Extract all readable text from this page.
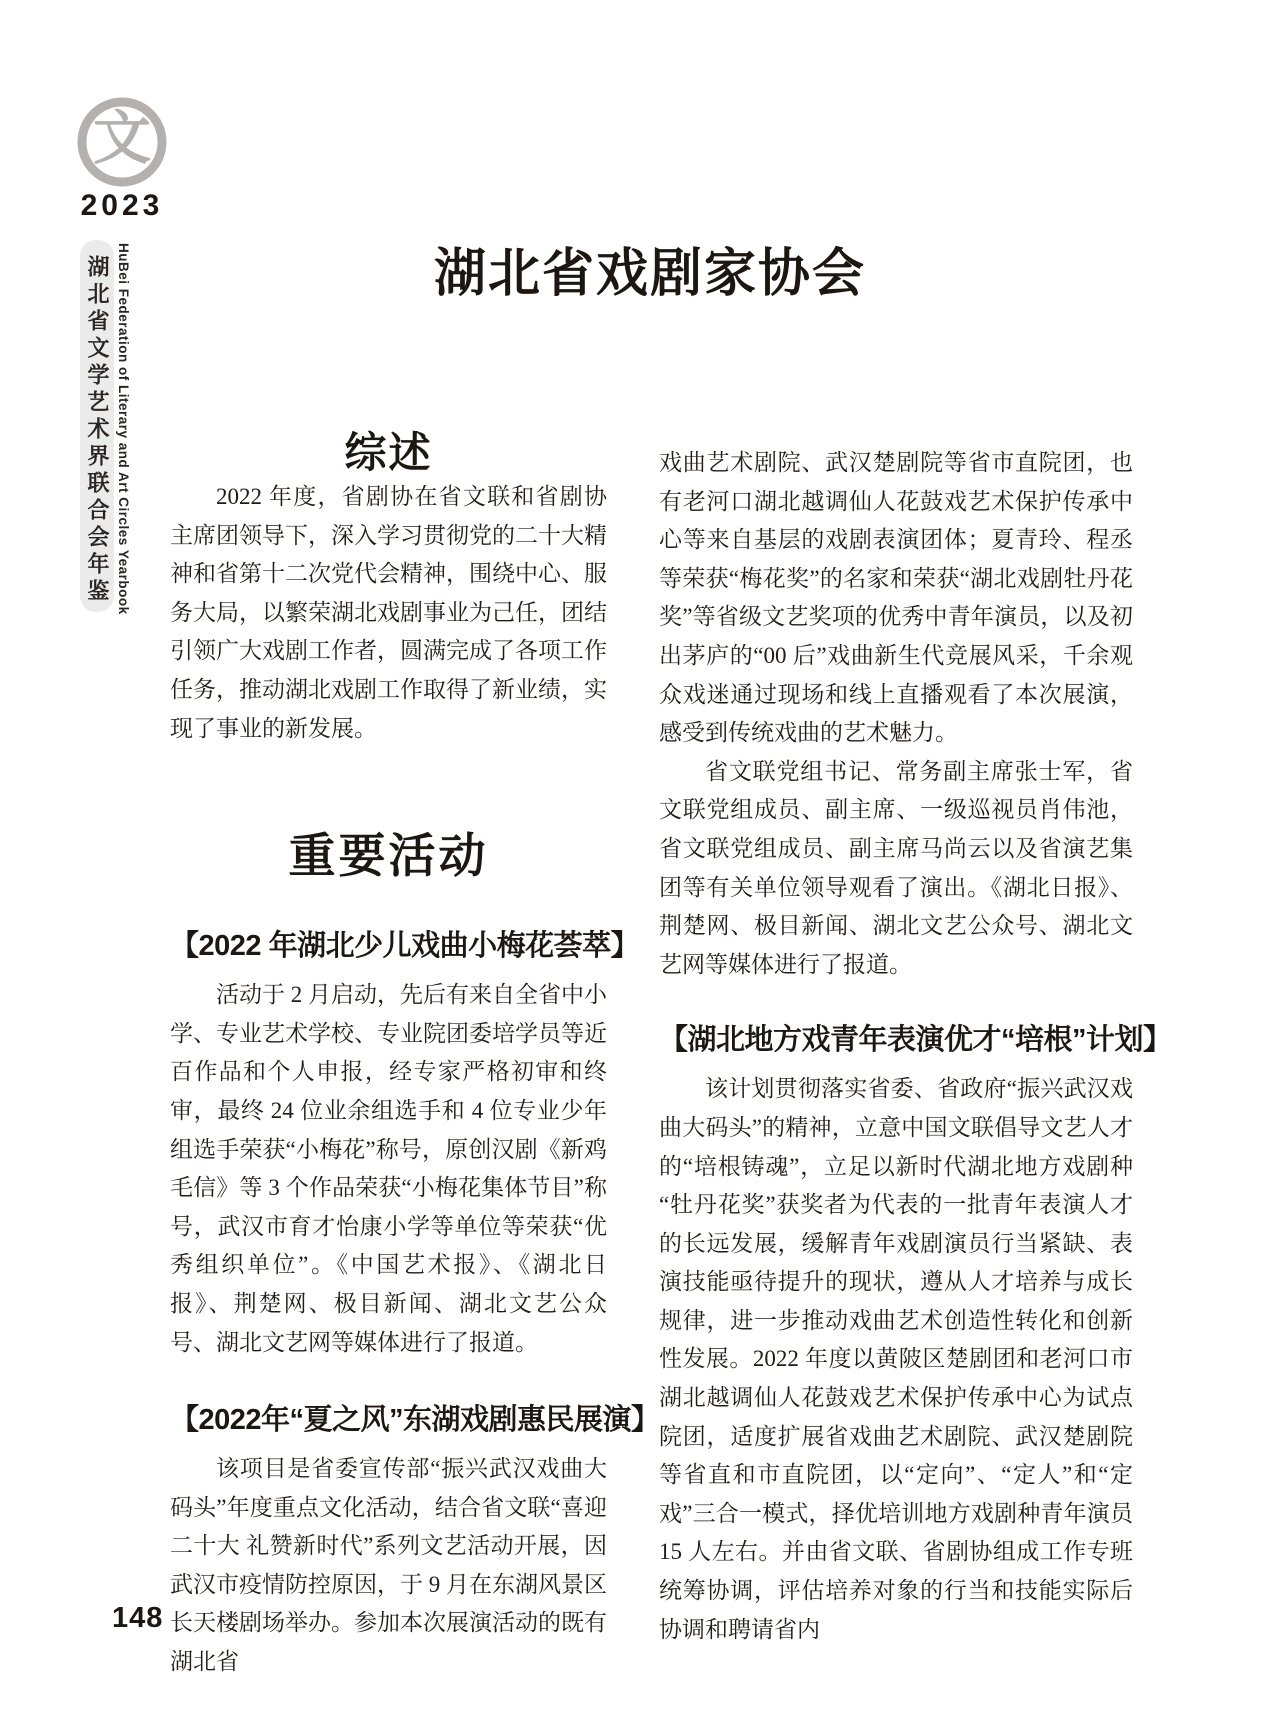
文
2023
湖北省文学艺术界联合会年鉴 HuBei Federation of Literary and Art Circles Yearbook	湖北省戏剧家协会
综述

2022 年度，省剧协在省文联和省剧协主席团领导下，深入学习贯彻党的二十大精神和省第十二次党代会精神，围绕中心、服务大局，以繁荣湖北戏剧事业为己任，团结引领广大戏剧工作者，圆满完成了各项工作任务，推动湖北戏剧工作取得了新业绩，实现了事业的新发展。

重要活动
【2022 年湖北少儿戏曲小梅花荟萃】

活动于 2 月启动，先后有来自全省中小学、专业艺术学校、专业院团委培学员等近百作品和个人申报，经专家严格初审和终审，最终 24 位业余组选手和 4 位专业少年组选手荣获“小梅花”称号，原创汉剧《新鸡毛信》等 3 个作品荣获“小梅花集体节目”称号，武汉市育才怡康小学等单位等荣获“优秀组织单位”。《中国艺术报》、《湖北日报》、荆楚网、极目新闻、湖北文艺公众号、湖北文艺网等媒体进行了报道。

【2022年“夏之风”东湖戏剧惠民展演】

该项目是省委宣传部“振兴武汉戏曲大码头”年度重点文化活动，结合省文联“喜迎二十大 礼赞新时代”系列文艺活动开展，因武汉市疫情防控原因，于 9 月在东湖风景区长天楼剧场举办。参加本次展演活动的既有湖北省

戏曲艺术剧院、武汉楚剧院等省市直院团，也有老河口湖北越调仙人花鼓戏艺术保护传承中心等来自基层的戏剧表演团体；夏青玲、程丞等荣获“梅花奖”的名家和荣获“湖北戏剧牡丹花奖”等省级文艺奖项的优秀中青年演员，以及初出茅庐的“00 后”戏曲新生代竞展风采，千余观众戏迷通过现场和线上直播观看了本次展演，感受到传统戏曲的艺术魅力。

省文联党组书记、常务副主席张士军，省文联党组成员、副主席、一级巡视员肖伟池，省文联党组成员、副主席马尚云以及省演艺集团等有关单位领导观看了演出。《湖北日报》、荆楚网、极目新闻、湖北文艺公众号、湖北文艺网等媒体进行了报道。

【湖北地方戏青年表演优才“培根”计划】

该计划贯彻落实省委、省政府“振兴武汉戏曲大码头”的精神，立意中国文联倡导文艺人才的“培根铸魂”，立足以新时代湖北地方戏剧种“牡丹花奖”获奖者为代表的一批青年表演人才的长远发展，缓解青年戏剧演员行当紧缺、表演技能亟待提升的现状，遵从人才培养与成长规律，进一步推动戏曲艺术创造性转化和创新性发展。2022 年度以黄陂区楚剧团和老河口市湖北越调仙人花鼓戏艺术保护传承中心为试点院团，适度扩展省戏曲艺术剧院、武汉楚剧院等省直和市直院团，以“定向”、“定人”和“定戏”三合一模式，择优培训地方戏剧种青年演员 15 人左右。并由省文联、省剧协组成工作专班统筹协调，评估培养对象的行当和技能实际后协调和聘请省内

148
